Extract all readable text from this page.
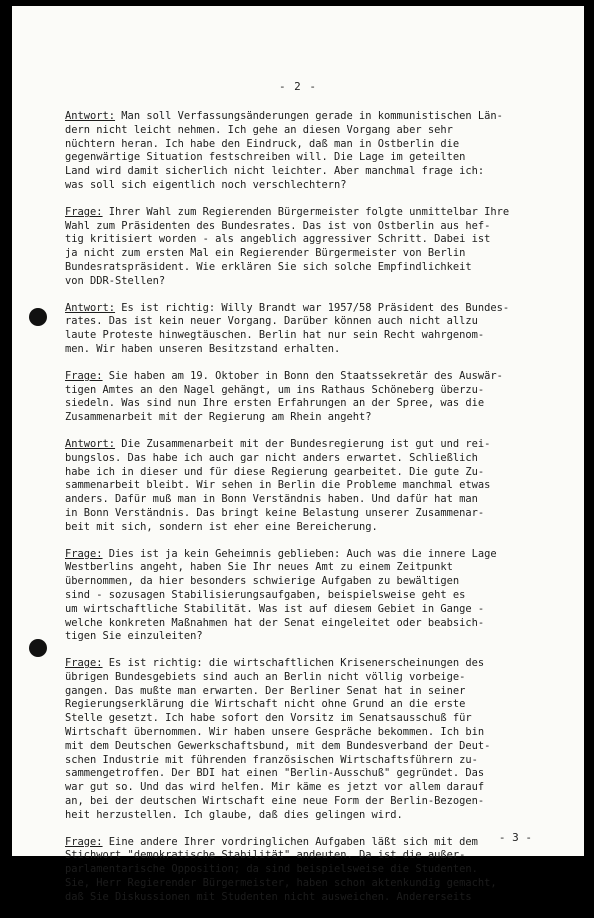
- 2 -
Antwort: Man soll Verfassungsänderungen gerade in kommunistischen Län-
dern nicht leicht nehmen. Ich gehe an diesen Vorgang aber sehr
nüchtern heran. Ich habe den Eindruck, daß man in Ostberlin die
gegenwärtige Situation festschreiben will. Die Lage im geteilten
Land wird damit sicherlich nicht leichter. Aber manchmal frage ich:
was soll sich eigentlich noch verschlechtern?
Frage: Ihrer Wahl zum Regierenden Bürgermeister folgte unmittelbar Ihre
Wahl zum Präsidenten des Bundesrates. Das ist von Ostberlin aus hef-
tig kritisiert worden - als angeblich aggressiver Schritt. Dabei ist
ja nicht zum ersten Mal ein Regierender Bürgermeister von Berlin
Bundesratspräsident. Wie erklären Sie sich solche Empfindlichkeit
von DDR-Stellen?
Antwort: Es ist richtig: Willy Brandt war 1957/58 Präsident des Bundes-
rates. Das ist kein neuer Vorgang. Darüber können auch nicht allzu
laute Proteste hinwegtäuschen. Berlin hat nur sein Recht wahrgenom-
men. Wir haben unseren Besitzstand erhalten.
Frage: Sie haben am 19. Oktober in Bonn den Staatssekretär des Auswär-
tigen Amtes an den Nagel gehängt, um ins Rathaus Schöneberg überzu-
siedeln. Was sind nun Ihre ersten Erfahrungen an der Spree, was die
Zusammenarbeit mit der Regierung am Rhein angeht?
Antwort: Die Zusammenarbeit mit der Bundesregierung ist gut und rei-
bungslos. Das habe ich auch gar nicht anders erwartet. Schließlich
habe ich in dieser und für diese Regierung gearbeitet. Die gute Zu-
sammenarbeit bleibt. Wir sehen in Berlin die Probleme manchmal etwas
anders. Dafür muß man in Bonn Verständnis haben. Und dafür hat man
in Bonn Verständnis. Das bringt keine Belastung unserer Zusammenar-
beit mit sich, sondern ist eher eine Bereicherung.
Frage: Dies ist ja kein Geheimnis geblieben: Auch was die innere Lage
Westberlins angeht, haben Sie Ihr neues Amt zu einem Zeitpunkt
übernommen, da hier besonders schwierige Aufgaben zu bewältigen
sind - sozusagen Stabilisierungsaufgaben, beispielsweise geht es
um wirtschaftliche Stabilität. Was ist auf diesem Gebiet in Gange -
welche konkreten Maßnahmen hat der Senat eingeleitet oder beabsich-
tigen Sie einzuleiten?
Frage: Es ist richtig: die wirtschaftlichen Krisenerscheinungen des
übrigen Bundesgebiets sind auch an Berlin nicht völlig vorbeige-
gangen. Das mußte man erwarten. Der Berliner Senat hat in seiner
Regierungserklärung die Wirtschaft nicht ohne Grund an die erste
Stelle gesetzt. Ich habe sofort den Vorsitz im Senatsausschuß für
Wirtschaft übernommen. Wir haben unsere Gespräche bekommen. Ich bin
mit dem Deutschen Gewerkschaftsbund, mit dem Bundesverband der Deut-
schen Industrie mit führenden französischen Wirtschaftsführern zu-
sammengetroffen. Der BDI hat einen "Berlin-Ausschuß" gegründet. Das
war gut so. Und das wird helfen. Mir käme es jetzt vor allem darauf
an, bei der deutschen Wirtschaft eine neue Form der Berlin-Bezogen-
heit herzustellen. Ich glaube, daß dies gelingen wird.
Frage: Eine andere Ihrer vordringlichen Aufgaben läßt sich mit dem
Stichwort "demokratische Stabilität" andeuten. Da ist die außer-
parlamentarische Opposition; da sind beispielsweise die Studenten.
Sie, Herr Regierender Bürgermeister, haben schon aktenkundig gemacht,
daß Sie Diskussionen mit Studenten nicht ausweichen. Andererseits
- 3 -
